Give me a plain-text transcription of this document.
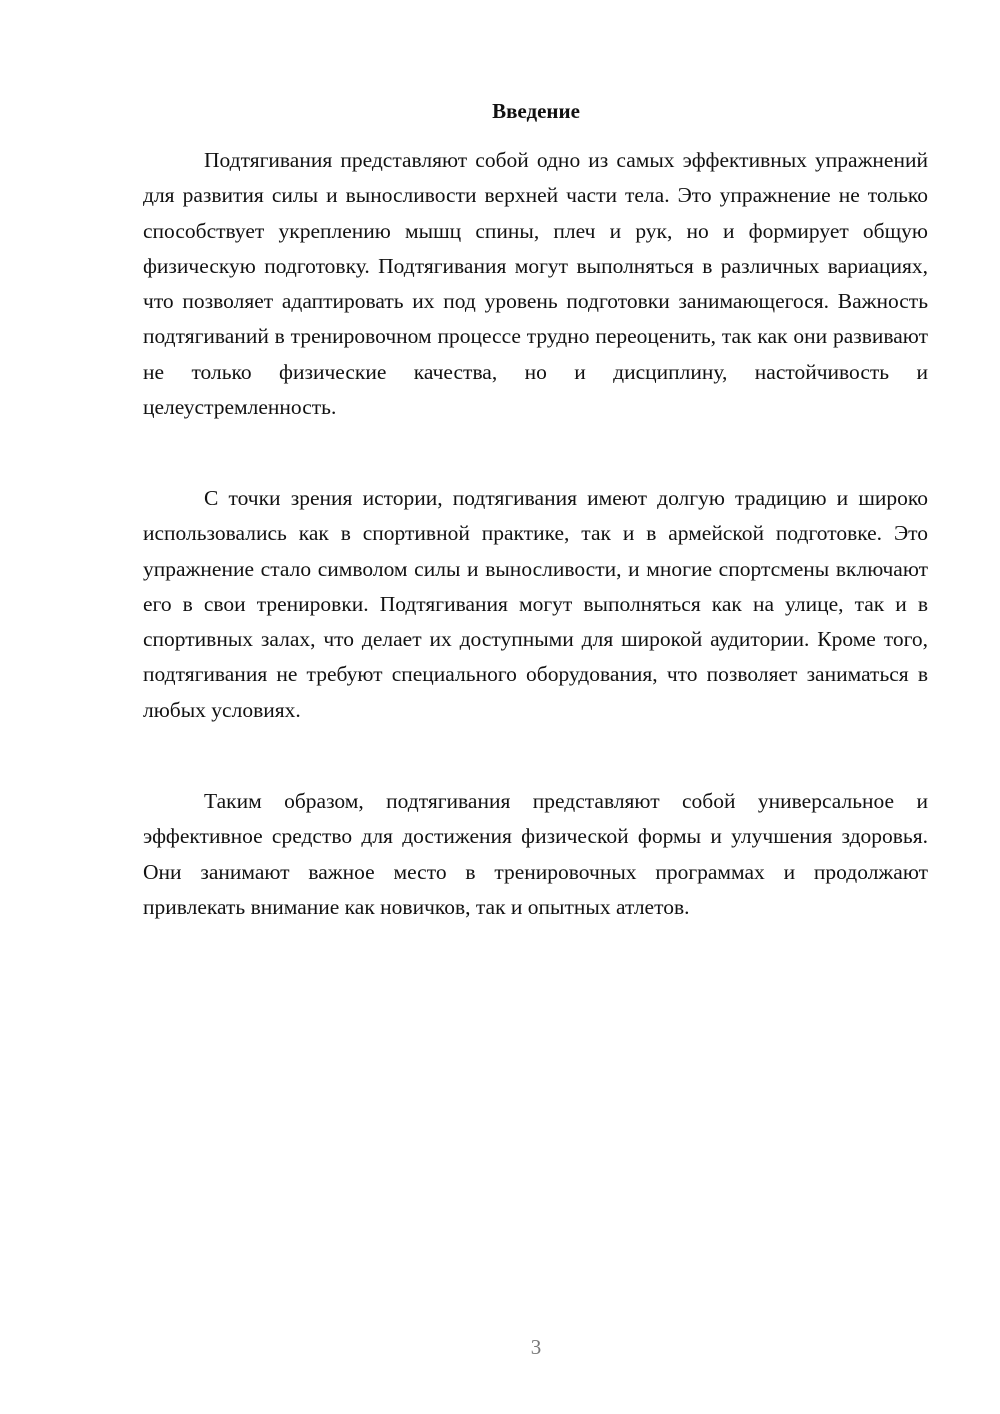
Введение

Подтягивания представляют собой одно из самых эффективных упражнений для развития силы и выносливости верхней части тела. Это упражнение не только способствует укреплению мышц спины, плеч и рук, но и формирует общую физическую подготовку. Подтягивания могут выполняться в различных вариациях, что позволяет адаптировать их под уровень подготовки занимающегося. Важность подтягиваний в тренировочном процессе трудно переоценить, так как они развивают не только физические качества, но и дисциплину, настойчивость и целеустремленность.

С точки зрения истории, подтягивания имеют долгую традицию и широко использовались как в спортивной практике, так и в армейской подготовке. Это упражнение стало символом силы и выносливости, и многие спортсмены включают его в свои тренировки. Подтягивания могут выполняться как на улице, так и в спортивных залах, что делает их доступными для широкой аудитории. Кроме того, подтягивания не требуют специального оборудования, что позволяет заниматься в любых условиях.

Таким образом, подтягивания представляют собой универсальное и эффективное средство для достижения физической формы и улучшения здоровья. Они занимают важное место в тренировочных программах и продолжают привлекать внимание как новичков, так и опытных атлетов.

3
